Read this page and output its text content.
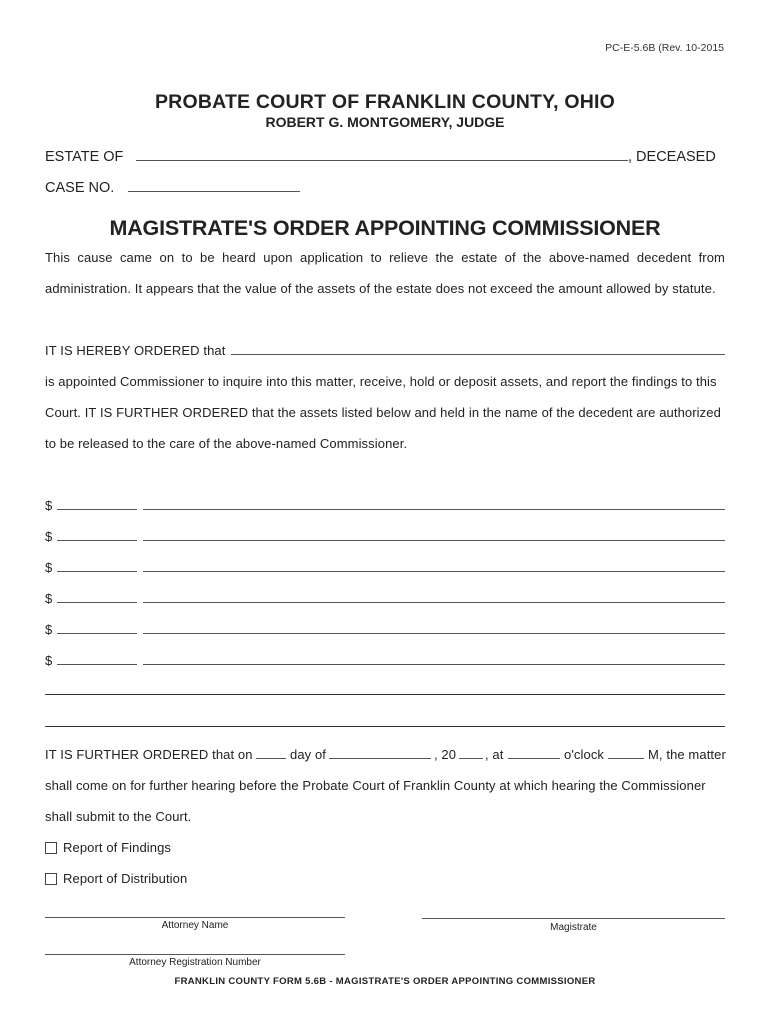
PC-E-5.6B (Rev. 10-2015
PROBATE COURT OF FRANKLIN COUNTY, OHIO
ROBERT G. MONTGOMERY, JUDGE
ESTATE OF	, DECEASED
CASE NO.
MAGISTRATE'S ORDER APPOINTING COMMISSIONER
This cause came on to be heard upon application to relieve the estate of the above-named decedent from
administration. It appears that the value of the assets of the estate does not exceed the amount allowed by statute.
IT IS HEREBY ORDERED that
is appointed Commissioner to inquire into this matter, receive, hold or deposit assets, and report the findings to this
Court. IT IS FURTHER ORDERED that the assets listed below and held in the name of the decedent are authorized
to be released to the care of the above-named Commissioner.
$
$
$
$
$
$
IT IS FURTHER ORDERED that on	day of	, 20 , at	o'clock	M, the matter
shall come on for further hearing before the Probate Court of Franklin County at which hearing the Commissioner
shall submit to the Court.
Report of Findings
Report of Distribution
Attorney Name	Magistrate
Attorney Registration Number
FRANKLIN COUNTY FORM 5.6B - MAGISTRATE'S ORDER APPOINTING COMMISSIONER
